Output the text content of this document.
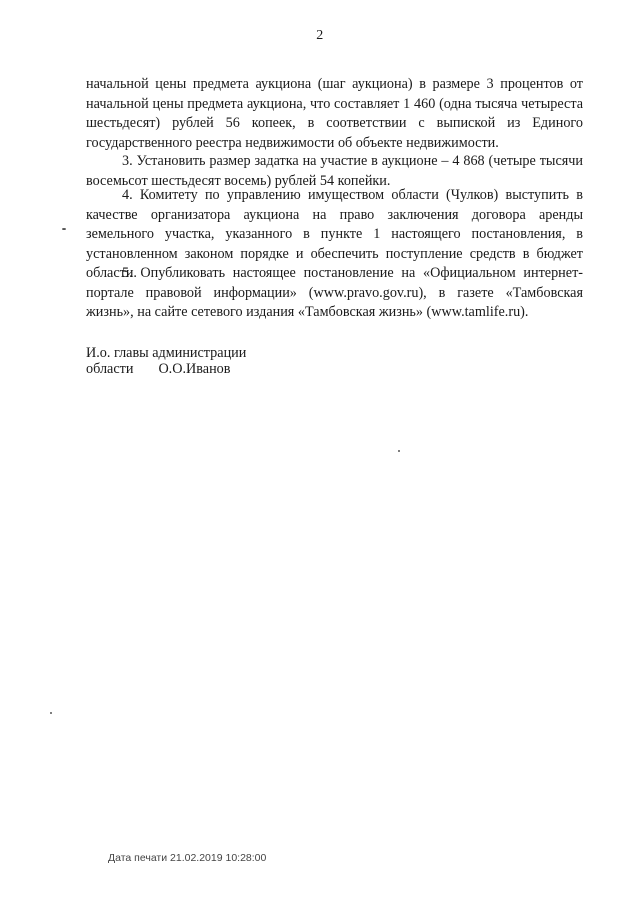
2

начальной цены предмета аукциона (шаг аукциона) в размере 3 процентов от начальной цены предмета аукциона, что составляет 1 460 (одна тысяча четыреста шестьдесят) рублей 56 копеек, в соответствии с выпиской из Единого государственного реестра недвижимости об объекте недвижимости.

3. Установить размер задатка на участие в аукционе – 4 868 (четыре тысячи восемьсот шестьдесят восемь) рублей 54 копейки.

4. Комитету по управлению имуществом области (Чулков) выступить в качестве организатора аукциона на право заключения договора аренды земельного участка, указанного в пункте 1 настоящего постановления, в установленном законом порядке и обеспечить поступление средств в бюджет области.

5. Опубликовать настоящее постановление на «Официальном интернет-портале правовой информации» (www.pravo.gov.ru), в газете «Тамбовская жизнь», на сайте сетевого издания «Тамбовская жизнь» (www.tamlife.ru).

И.о. главы администрации
области О.О.Иванов
Дата печати 21.02.2019 10:28:00
